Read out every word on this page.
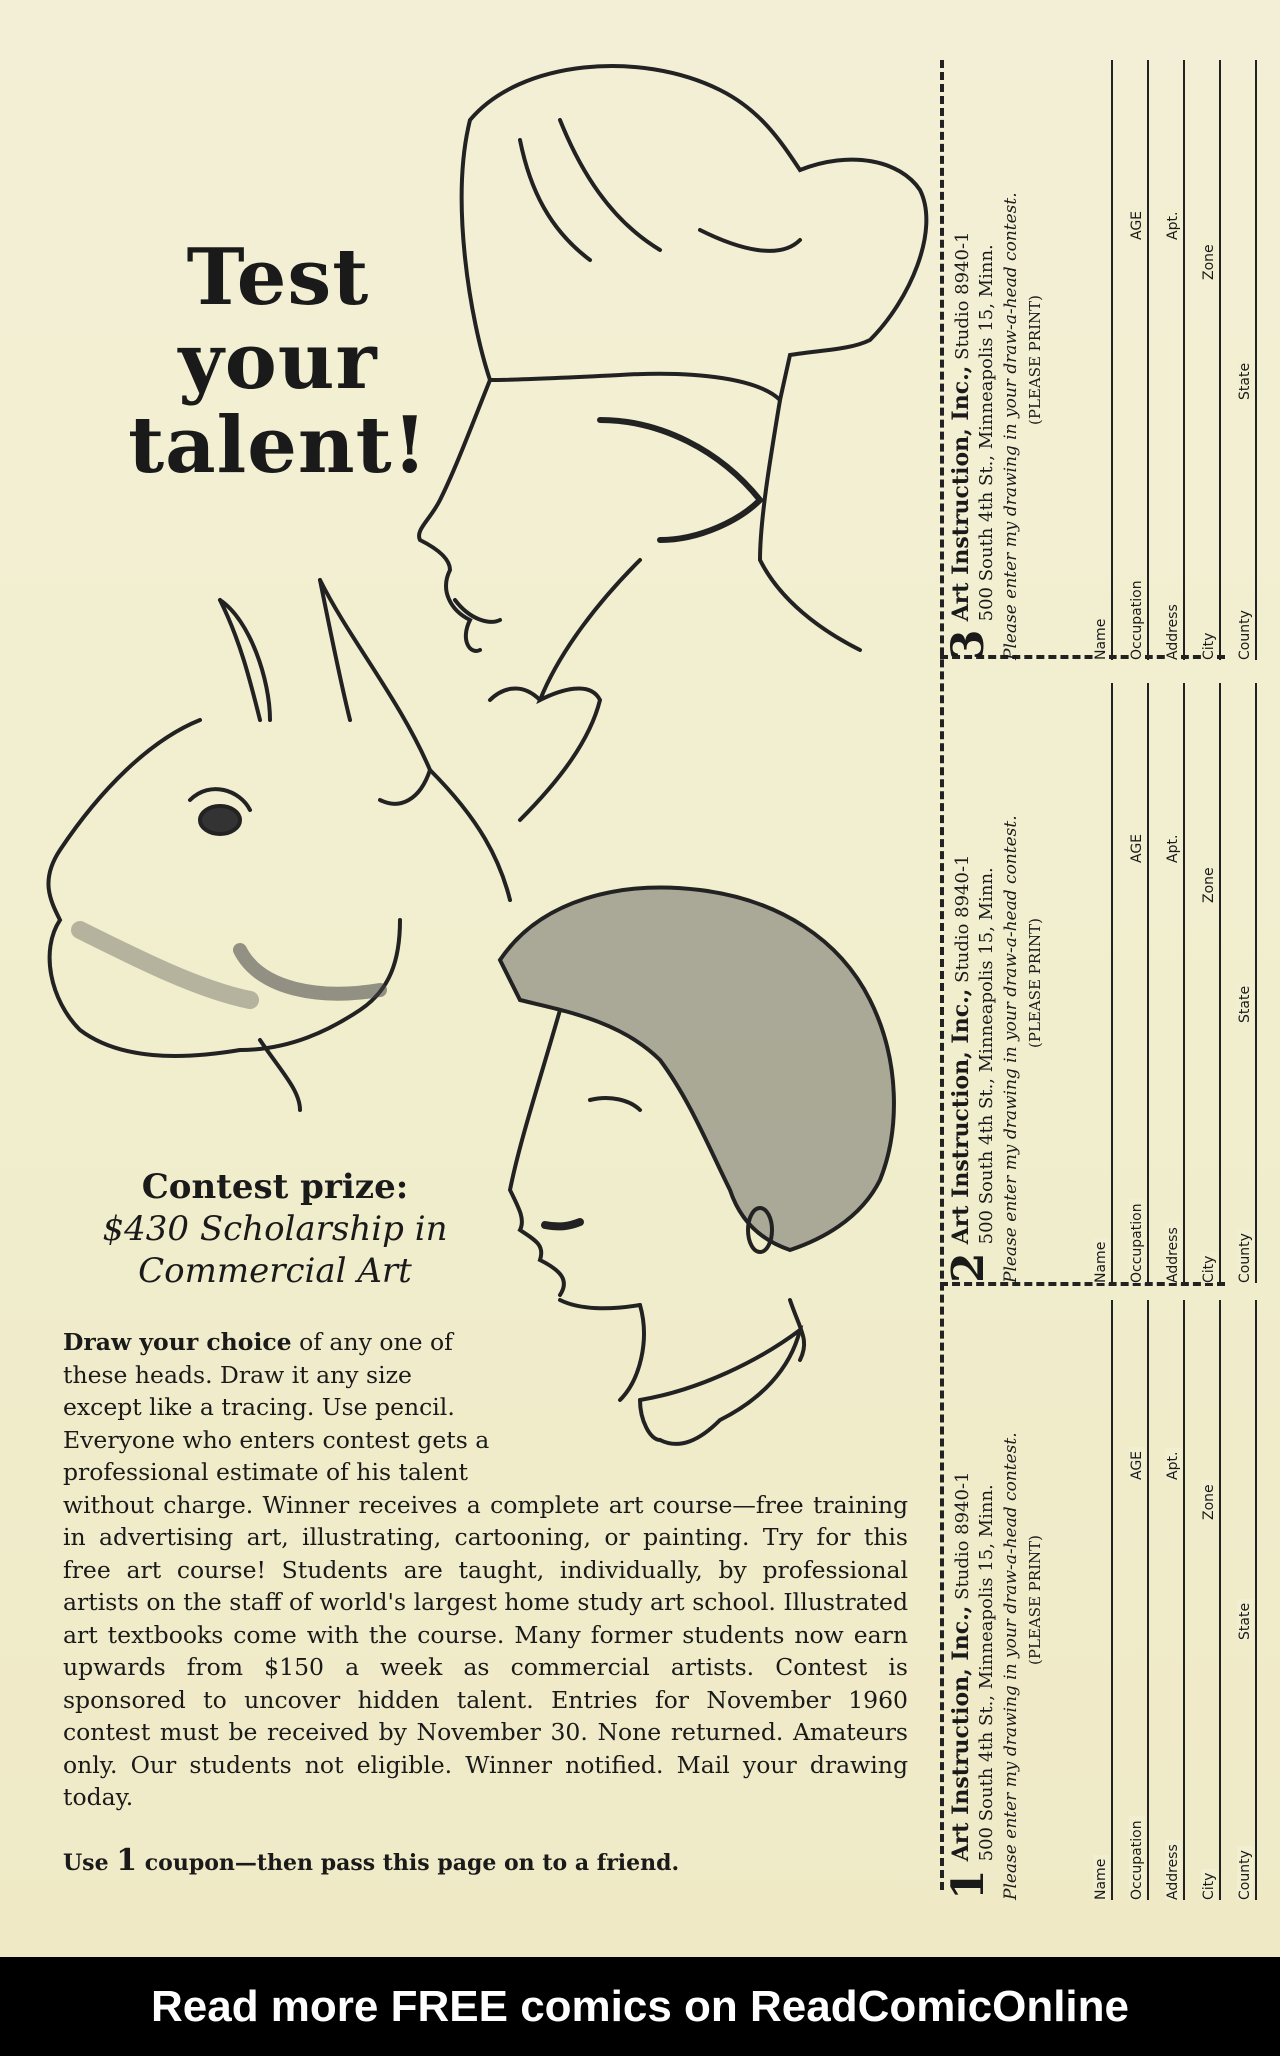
Test
your
talent!
Contest prize:
$430 Scholarship in
Commercial Art
Draw your choice of any one of these heads. Draw it any size except like a tracing. Use pencil. Everyone who enters contest gets a professional estimate of his talent
without charge. Winner receives a complete art course—free training in advertising art, illustrating, cartooning, or painting. Try for this free art course! Students are taught, individually, by professional artists on the staff of world's largest home study art school. Illustrated art textbooks come with the course. Many former students now earn upwards from $150 a week as commercial artists. Contest is sponsored to uncover hidden talent. Entries for November 1960 contest must be received by November 30. None returned. Amateurs only. Our students not eligible. Winner notified. Mail your drawing today.
Use 1 coupon—then pass this page on to a friend.
3
Art Instruction, Inc., Studio 8940-1 500 South 4th St., Minneapolis 15, Minn. Please enter my drawing in your draw-a-head contest. (PLEASE PRINT)
Name Occupation
AGE
Address
Apt.
City
Zone
County
State
2
Art Instruction, Inc., Studio 8940-1 500 South 4th St., Minneapolis 15, Minn. Please enter my drawing in your draw-a-head contest. (PLEASE PRINT)
Name Occupation
AGE
Address
Apt.
City
Zone
County
State
1
Art Instruction, Inc., Studio 8940-1 500 South 4th St., Minneapolis 15, Minn. Please enter my drawing in your draw-a-head contest. (PLEASE PRINT)
Name Occupation
AGE
Address
Apt.
City
Zone
County
State
Read more FREE comics on ReadComicOnline
